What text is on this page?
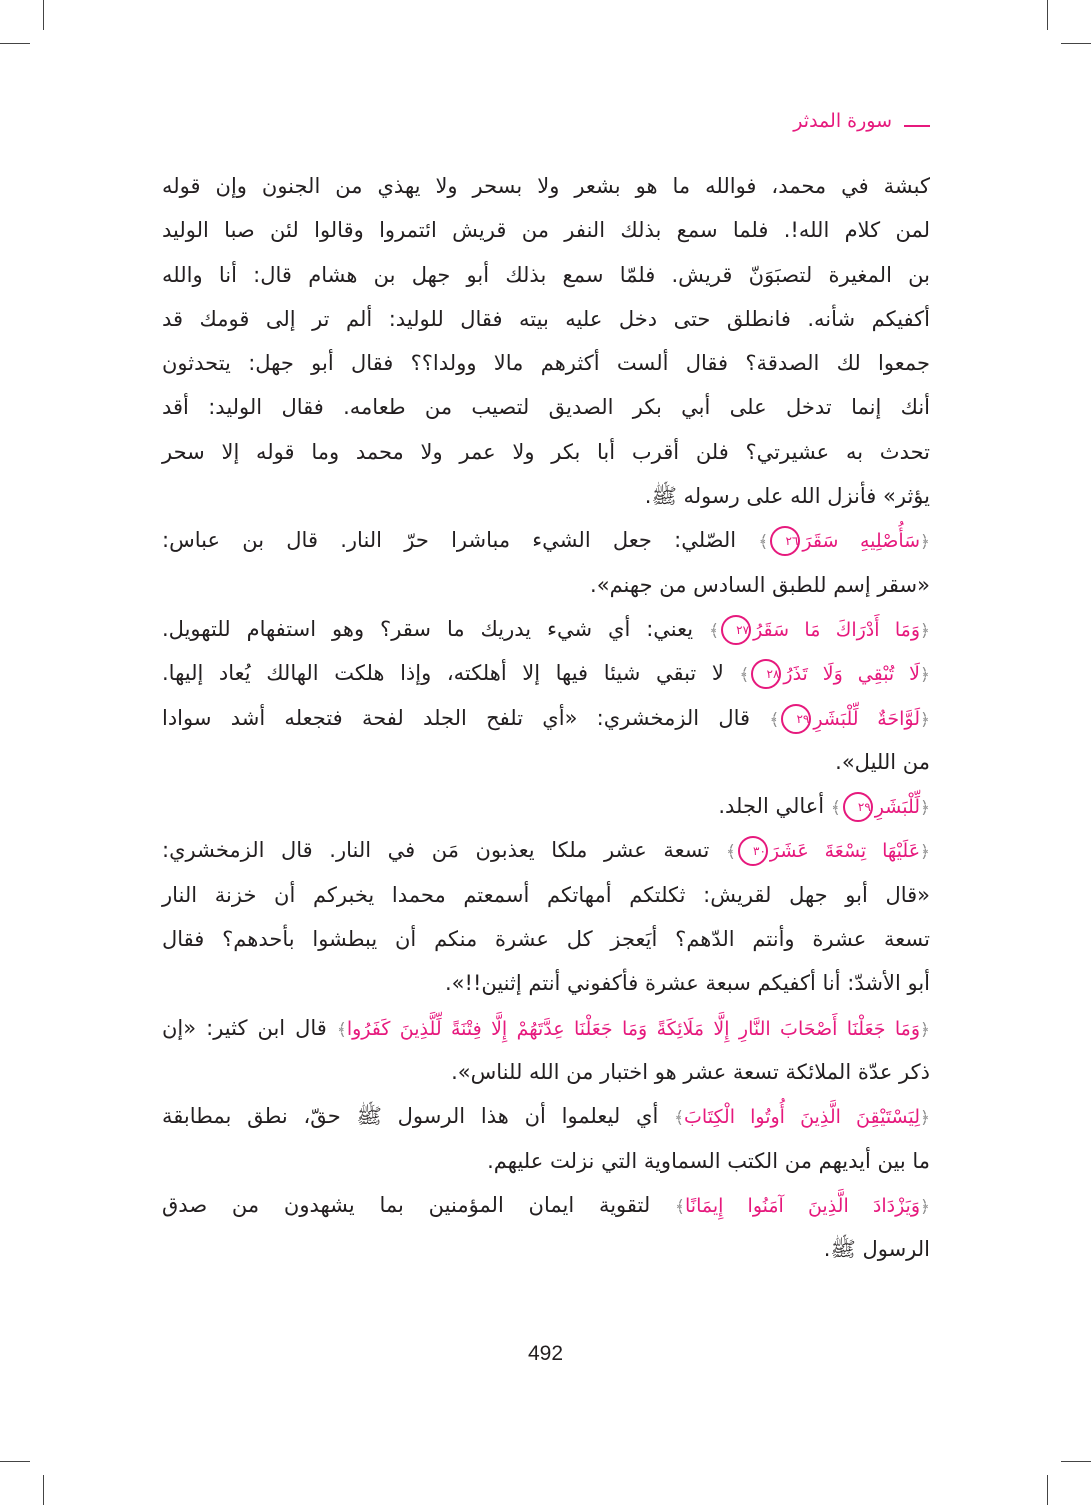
سورة المدثر
كبشة في محمد، فوالله ما هو بشعر ولا بسحر ولا يهذي من الجنون وإن قوله
لمن كلام الله!. فلما سمع بذلك النفر من قريش ائتمروا وقالوا لئن صبا الوليد
بن المغيرة لتصبَوَنّ قريش. فلمّا سمع بذلك أبو جهل بن هشام قال: أنا والله
أكفيكم شأنه. فانطلق حتى دخل عليه بيته فقال للوليد: ألم تر إلى قومك قد
جمعوا لك الصدقة؟ فقال ألست أكثرهم مالا وولدا؟؟ فقال أبو جهل: يتحدثون
أنك إنما تدخل على أبي بكر الصديق لتصيب من طعامه. فقال الوليد: أقد
تحدث به عشيرتي؟ فلن أقرب أبا بكر ولا عمر ولا محمد وما قوله إلا سحر
يؤثر» فأنزل الله على رسوله ﷺ.
﴿سَأُصْلِيهِ سَقَرَ٢٦﴾ الصّلي: جعل الشيء مباشرا حرّ النار. قال بن عباس:
«سقر إسم للطبق السادس من جهنم».
﴿وَمَا أَدْرَاكَ مَا سَقَرُ٢٧﴾ يعني: أي شيء يدريك ما سقر؟ وهو استفهام للتهويل.
﴿لَا تُبْقِي وَلَا تَذَرُ٢٨﴾ لا تبقي شيئا فيها إلا أهلكته، وإذا هلكت الهالك يُعاد إليها.
﴿لَوَّاحَةٌ لِّلْبَشَرِ٢٩﴾ قال الزمخشري: «أي تلفح الجلد لفحة فتجعله أشد سوادا
من الليل».
﴿لِّلْبَشَرِ٢٩﴾ أعالي الجلد.
﴿عَلَيْهَا تِسْعَةَ عَشَرَ٣٠﴾ تسعة عشر ملكا يعذبون مَن في النار. قال الزمخشري:
«قال أبو جهل لقريش: ثكلتكم أمهاتكم أسمعتم محمدا يخبركم أن خزنة النار
تسعة عشرة وأنتم الدّهم؟ أيَعجز كل عشرة منكم أن يبطشوا بأحدهم؟ فقال
أبو الأشدّ: أنا أكفيكم سبعة عشرة فأكفوني أنتم إثنين!!».
﴿وَمَا جَعَلْنَا أَصْحَابَ النَّارِ إِلَّا مَلَائِكَةً وَمَا جَعَلْنَا عِدَّتَهُمْ إِلَّا فِتْنَةً لِّلَّذِينَ كَفَرُوا﴾ قال ابن كثير: «إن
ذكر عدّة الملائكة تسعة عشر هو اختبار من الله للناس».
﴿لِيَسْتَيْقِنَ الَّذِينَ أُوتُوا الْكِتَابَ﴾ أي ليعلموا أن هذا الرسول ﷺ حقّ، نطق بمطابقة
ما بين أيديهم من الكتب السماوية التي نزلت عليهم.
﴿وَيَزْدَادَ الَّذِينَ آمَنُوا إِيمَانًا﴾ لتقوية ايمان المؤمنين بما يشهدون من صدق
الرسول ﷺ.
492
